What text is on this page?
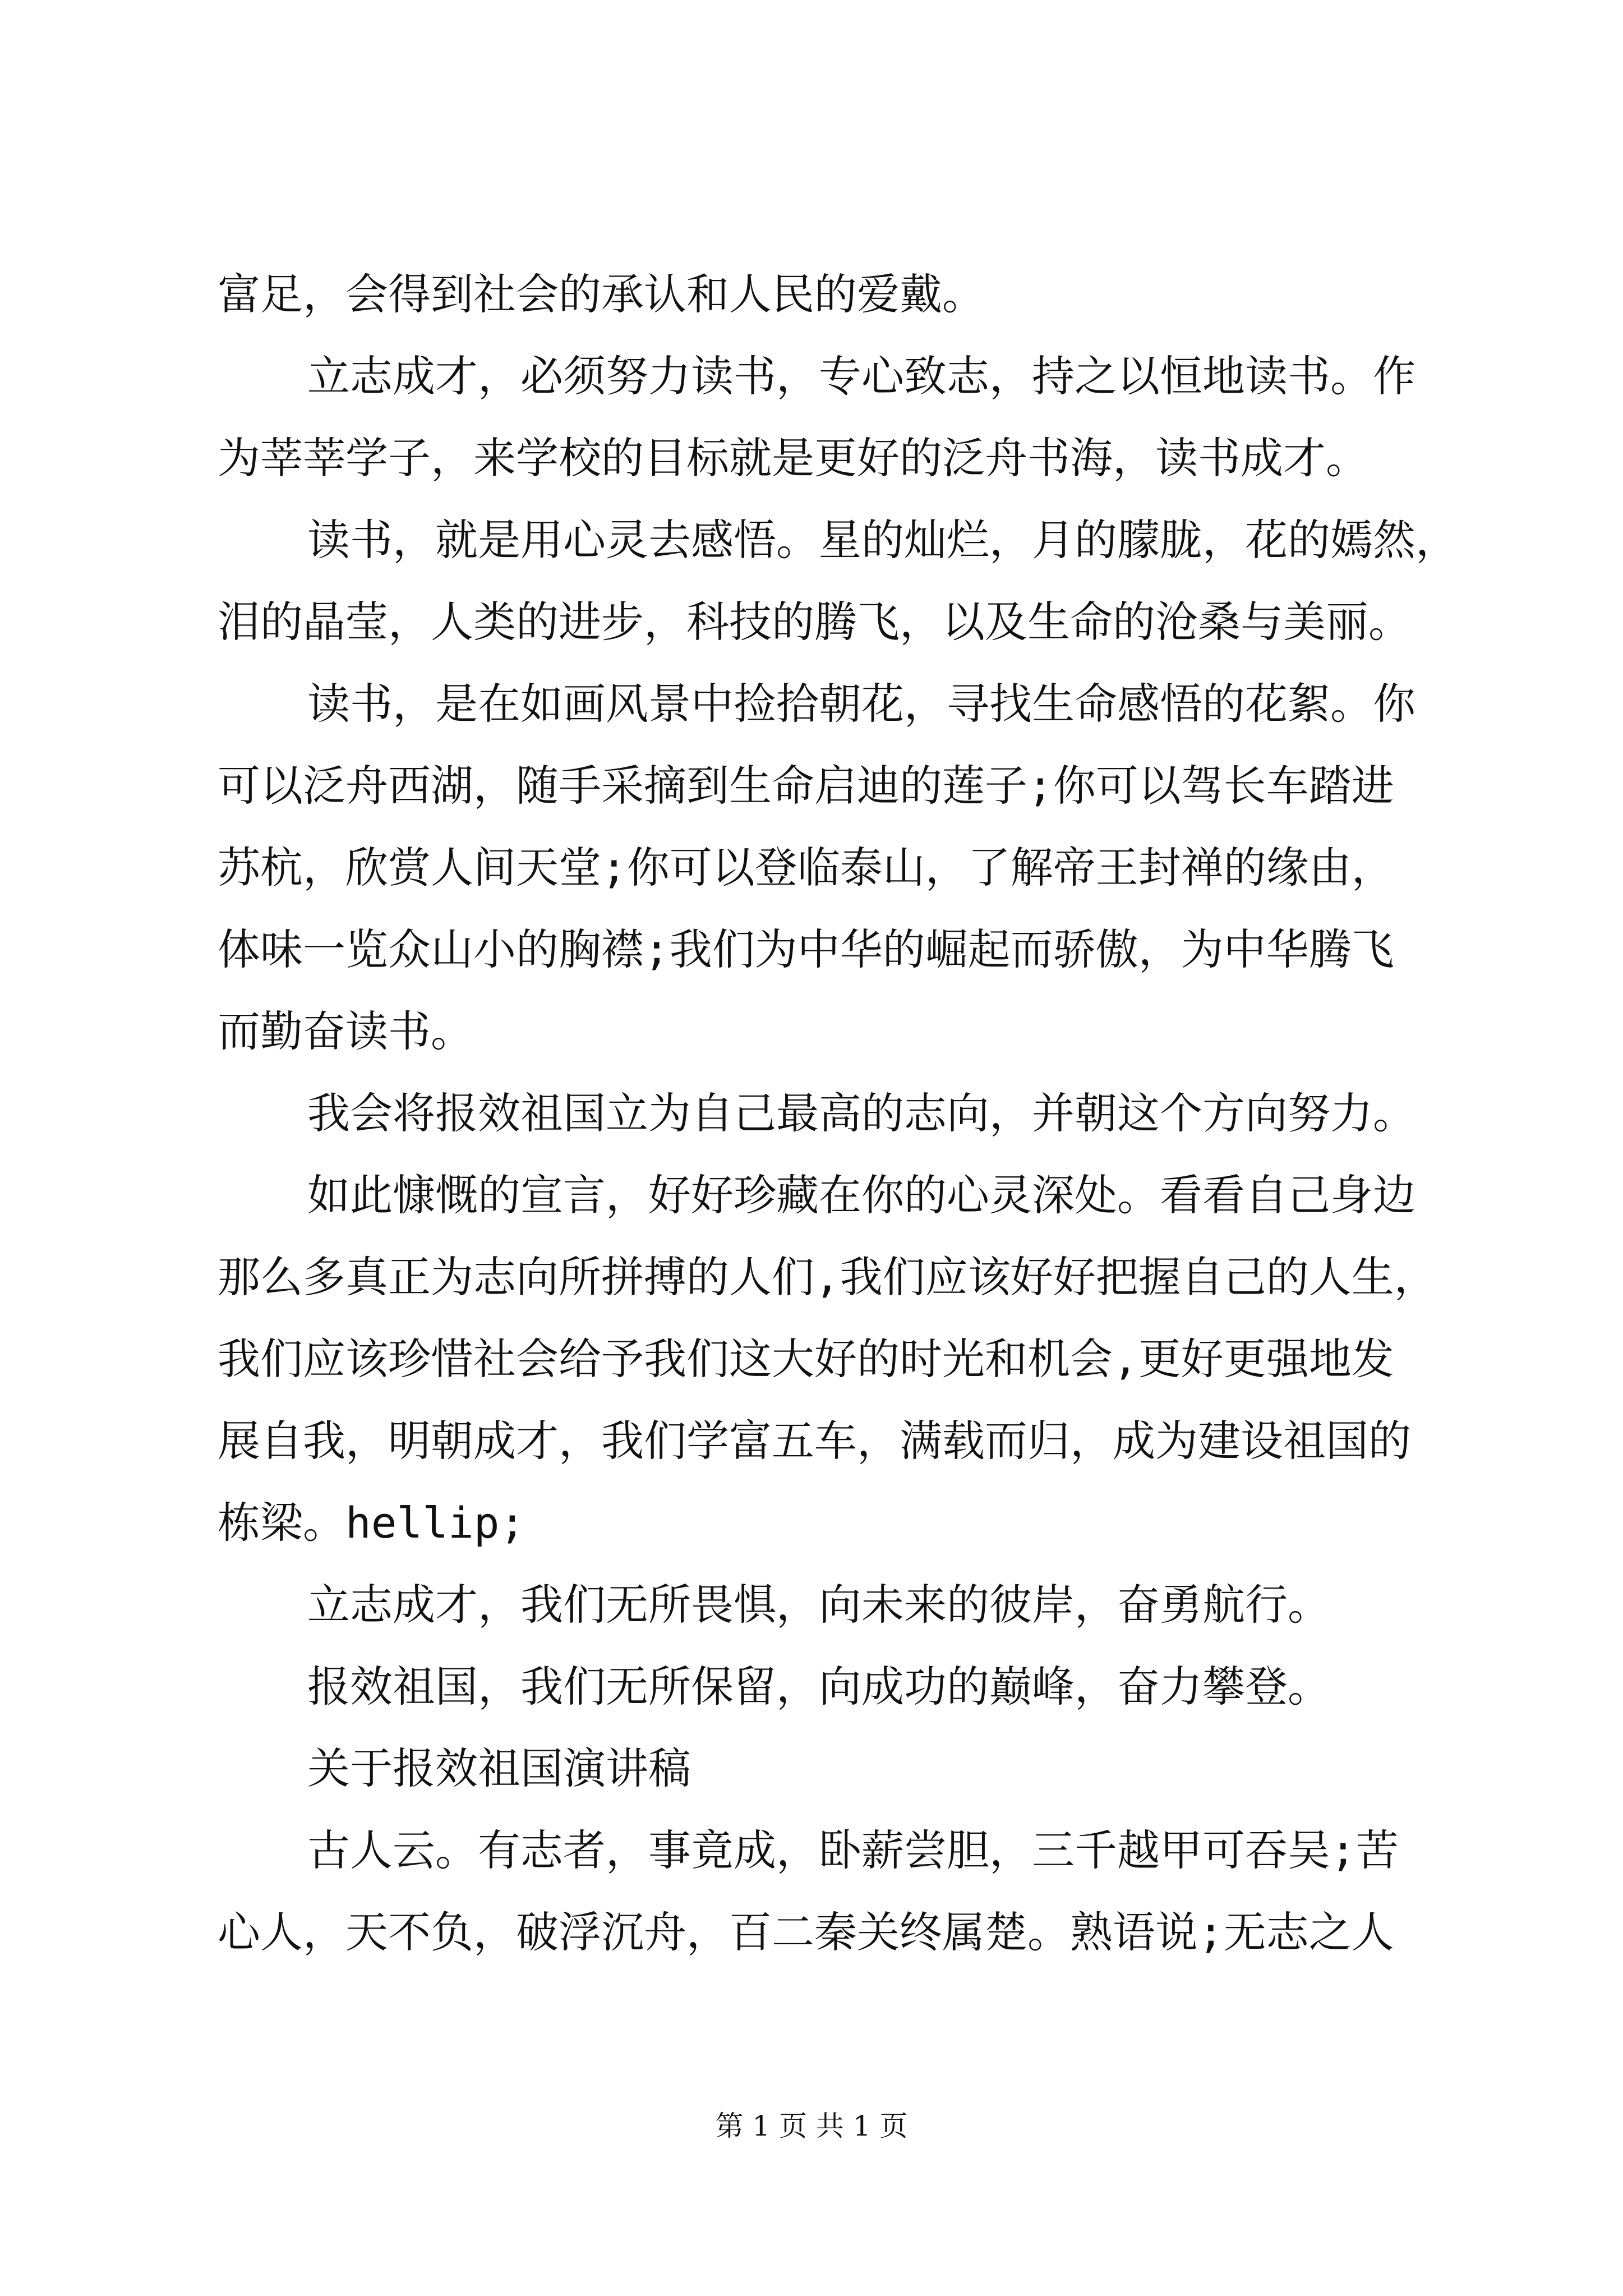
富足，会得到社会的承认和人民的爱戴。
立志成才，必须努力读书，专心致志，持之以恒地读书。作
为莘莘学子，来学校的目标就是更好的泛舟书海，读书成才。
读书，就是用心灵去感悟。星的灿烂，月的朦胧，花的嫣然，
泪的晶莹，人类的进步，科技的腾飞，以及生命的沧桑与美丽。
读书，是在如画风景中捡拾朝花，寻找生命感悟的花絮。你
可以泛舟西湖，随手采摘到生命启迪的莲子;你可以驾长车踏进
苏杭，欣赏人间天堂;你可以登临泰山，了解帝王封禅的缘由，
体味一览众山小的胸襟;我们为中华的崛起而骄傲，为中华腾飞
而勤奋读书。
我会将报效祖国立为自己最高的志向，并朝这个方向努力。
如此慷慨的宣言，好好珍藏在你的心灵深处。看看自己身边
那么多真正为志向所拼搏的人们,我们应该好好把握自己的人生，
我们应该珍惜社会给予我们这大好的时光和机会,更好更强地发
展自我，明朝成才，我们学富五车，满载而归，成为建设祖国的
栋梁。hellip;
立志成才，我们无所畏惧，向未来的彼岸，奋勇航行。
报效祖国，我们无所保留，向成功的巅峰，奋力攀登。
关于报效祖国演讲稿
古人云。有志者，事竟成，卧薪尝胆，三千越甲可吞吴;苦
心人，天不负，破浮沉舟，百二秦关终属楚。熟语说;无志之人
第 1 页 共 1 页
